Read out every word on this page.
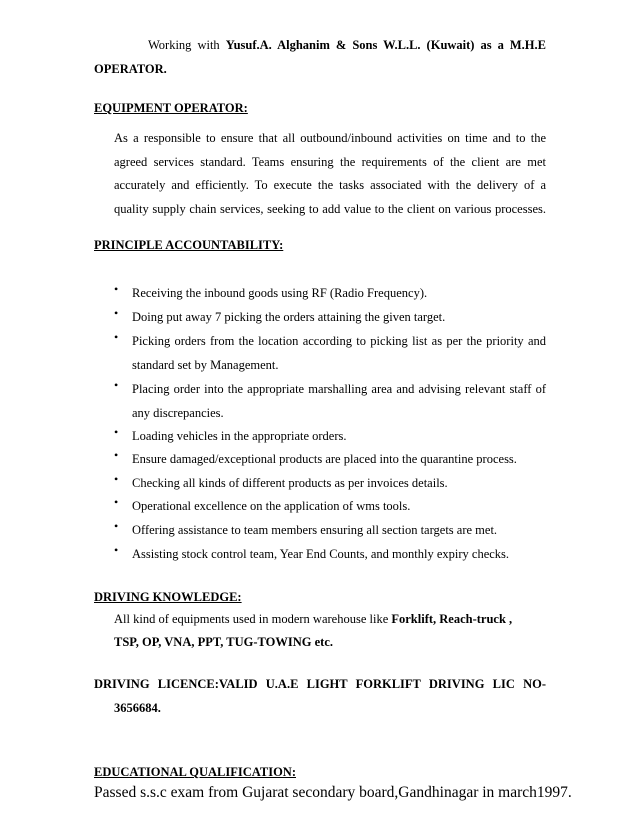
Working with Yusuf.A. Alghanim & Sons W.L.L. (Kuwait) as a M.H.E
OPERATOR.
EQUIPMENT OPERATOR:
As a responsible to ensure that all outbound/inbound activities on time and to the
agreed services standard. Teams ensuring the requirements of the client are met
accurately and efficiently. To execute the tasks associated with the delivery of a
quality supply chain services, seeking to add value to the client on various processes.
PRINCIPLE ACCOUNTABILITY:
• Receiving the inbound goods using RF (Radio Frequency).
• Doing put away 7 picking the orders attaining the given target.
• Picking orders from the location according to picking list as per the priority and
standard set by Management.
• Placing order into the appropriate marshalling area and advising relevant staff of
any discrepancies.
• Loading vehicles in the appropriate orders.
• Ensure damaged/exceptional products are placed into the quarantine process.
• Checking all kinds of different products as per invoices details.
• Operational excellence on the application of wms tools.
• Offering assistance to team members ensuring all section targets are met.
• Assisting stock control team, Year End Counts, and monthly expiry checks.
DRIVING KNOWLEDGE:
All kind of equipments used in modern warehouse like Forklift, Reach-truck ,
TSP, OP, VNA, PPT, TUG-TOWING etc.
DRIVING LICENCE:VALID U.A.E LIGHT FORKLIFT DRIVING LIC NO-
3656684.
EDUCATIONAL QUALIFICATION:
Passed s.s.c exam from Gujarat secondary board,Gandhinagar in march1997.
